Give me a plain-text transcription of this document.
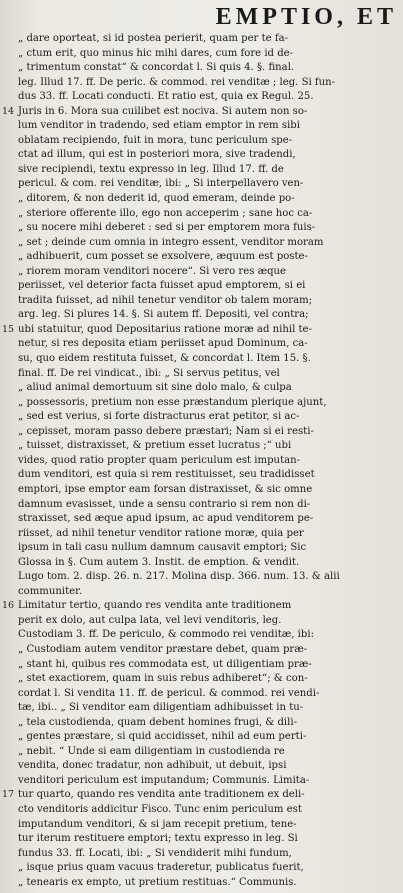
EMPTIO, ET
„ dare oporteat, si id postea perierit, quam per te fa-
„ ctum erit, quo minus hic mihi dares, cum fore id de-
„ trimentum constat“ & concordat l. Si quis 4. §. final.
leg. Illud 17. ff. De peric. & commod. rei venditæ ; leg. Si fun-
dus 33. ff. Locati conducti. Et ratio est, quia ex Regul. 25.
14 Juris in 6. Mora sua cuilibet est nociva. Si autem non so-
lum venditor in tradendo, sed etiam emptor in rem sibi
oblatam recipiendo, fuit in mora, tunc periculum spe-
ctat ad illum, qui est in posteriori mora, sive tradendi,
sive recipiendi, textu expresso in leg. Illud 17. ff. de
pericul. & com. rei venditæ, ibi: „ Si interpellavero ven-
„ ditorem, & non dederit id, quod emeram, deinde po-
„ steriore offerente illo, ego non acceperim ; sane hoc ca-
„ su nocere mihi deberet : sed si per emptorem mora fuis-
„ set ; deinde cum omnia in integro essent, venditor moram
„ adhibuerit, cum posset se exsolvere, æquum est poste-
„ riorem moram venditori nocere“. Si vero res æque
periisset, vel deterior facta fuisset apud emptorem, si ei
tradita fuisset, ad nihil tenetur venditor ob talem moram;
arg. leg. Si plures 14. §. Si autem ff. Depositi, vel contra;
15 ubi statuitur, quod Depositarius ratione moræ ad nihil te-
netur, si res deposita etiam periisset apud Dominum, ca-
su, quo eidem restituta fuisset, & concordat l. Item 15. §.
final. ff. De rei vindicat., ibi: „ Si servus petitus, vel
„ aliud animal demortuum sit sine dolo malo, & culpa
„ possessoris, pretium non esse præstandum plerique ajunt,
„ sed est verius, si forte distracturus erat petitor, si ac-
„ cepisset, moram passo debere præstari; Nam si ei resti-
„ tuisset, distraxisset, & pretium esset lucratus ;“ ubi
vides, quod ratio propter quam periculum est imputan-
dum venditori, est quia si rem restituisset, seu tradidisset
emptori, ipse emptor eam forsan distraxisset, & sic omne
damnum evasisset, unde a sensu contrario si rem non di-
straxisset, sed æque apud ipsum, ac apud venditorem pe-
riisset, ad nihil tenetur venditor ratione moræ, quia per
ipsum in tali casu nullum damnum causavit emptori; Sic
Glossa in §. Cum autem 3. Instit. de emption. & vendit.
Lugo tom. 2. disp. 26. n. 217. Molina disp. 366. num. 13. & alii
communiter.
16 Limitatur tertio, quando res vendita ante traditionem
perit ex dolo, aut culpa lata, vel levi venditoris, leg.
Custodiam 3. ff. De periculo, & commodo rei venditæ, ibi:
„ Custodiam autem venditor præstare debet, quam præ-
„ stant hi, quibus res commodata est, ut diligentiam præ-
„ stet exactiorem, quam in suis rebus adhiberet“; & con-
cordat l. Si vendita 11. ff. de pericul. & commod. rei vendi-
tæ, ibi.. „ Si venditor eam diligentiam adhibuisset in tu-
„ tela custodienda, quam debent homines frugi, & dili-
„ gentes præstare, si quid accidisset, nihil ad eum perti-
„ nebit. “ Unde si eam diligentiam in custodienda re
vendita, donec tradatur, non adhibuit, ut debuit, ipsi
venditori periculum est imputandum; Communis. Limita-
17 tur quarto, quando res vendita ante traditionem ex deli-
cto venditoris addicitur Fisco. Tunc enim periculum est
imputandum venditori, & si jam recepit pretium, tene-
tur iterum restituere emptori; textu expresso in leg. Si
fundus 33. ff. Locati, ibi: „ Si vendiderit mihi fundum,
„ isque prius quam vacuus traderetur, publicatus fuerit,
„ tenearis ex empto, ut pretium restituas.“ Communis.
